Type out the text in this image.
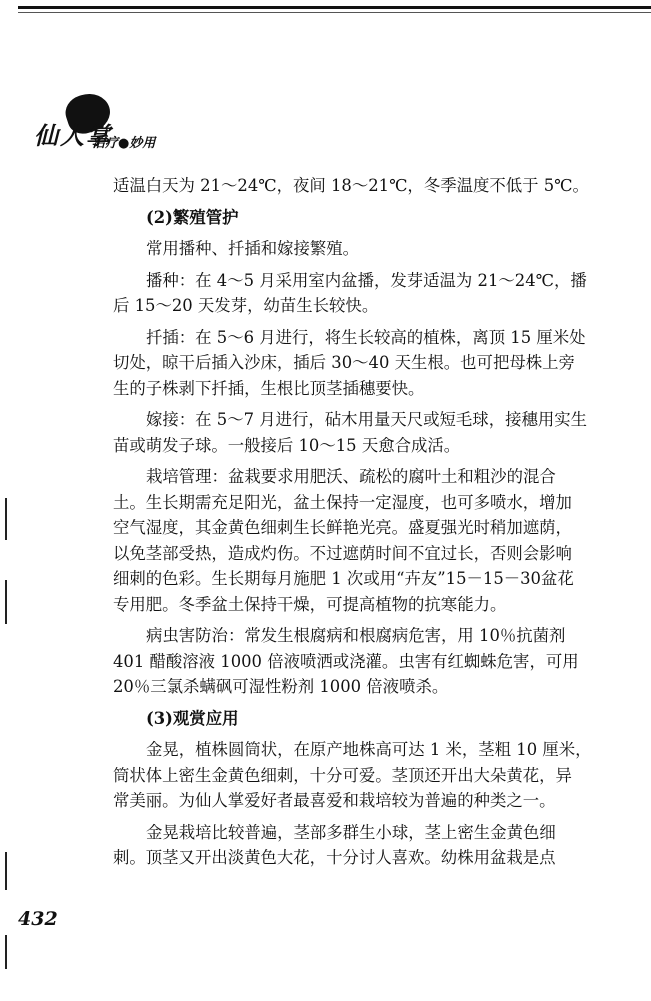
仙人掌
治疗●妙用

适温白天为 21～24℃，夜间 18～21℃，冬季温度不低于 5℃。

(2)繁殖管护

常用播种、扦插和嫁接繁殖。

播种：在 4～5 月采用室内盆播，发芽适温为 21～24℃，播

后 15～20 天发芽，幼苗生长较快。

扦插：在 5～6 月进行，将生长较高的植株，离顶 15 厘米处

切处，晾干后插入沙床，插后 30～40 天生根。也可把母株上旁

生的子株剥下扦插，生根比顶茎插穗要快。

嫁接：在 5～7 月进行，砧木用量天尺或短毛球，接穗用实生

苗或萌发子球。一般接后 10～15 天愈合成活。

栽培管理：盆栽要求用肥沃、疏松的腐叶土和粗沙的混合

土。生长期需充足阳光，盆土保持一定湿度，也可多喷水，增加

空气湿度，其金黄色细刺生长鲜艳光亮。盛夏强光时稍加遮荫，

以免茎部受热，造成灼伤。不过遮荫时间不宜过长，否则会影响

细刺的色彩。生长期每月施肥 1 次或用“卉友”15－15－30盆花

专用肥。冬季盆土保持干燥，可提高植物的抗寒能力。

病虫害防治：常发生根腐病和根腐病危害，用 10％抗菌剂

401 醋酸溶液 1000 倍液喷洒或浇灌。虫害有红蜘蛛危害，可用

20％三氯杀螨砜可湿性粉剂 1000 倍液喷杀。

(3)观赏应用

金晃，植株圆筒状，在原产地株高可达 1 米，茎粗 10 厘米，

筒状体上密生金黄色细刺，十分可爱。茎顶还开出大朵黄花，异

常美丽。为仙人掌爱好者最喜爱和栽培较为普遍的种类之一。

金晃栽培比较普遍，茎部多群生小球，茎上密生金黄色细

刺。顶茎又开出淡黄色大花，十分讨人喜欢。幼株用盆栽是点

432
